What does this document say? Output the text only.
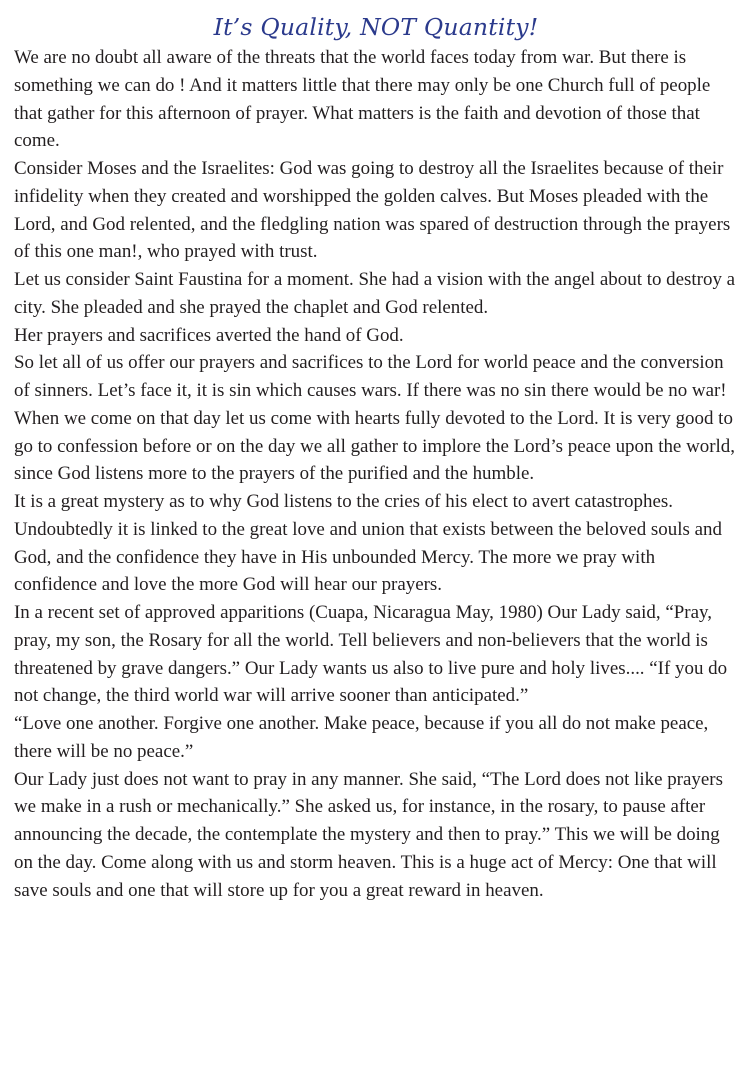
It’s Quality, NOT Quantity!

We are no doubt all aware of the threats that the world faces today from war. But there is something we can do ! And it matters little that there may only be one Church full of people that gather for this afternoon of prayer. What matters is the faith and devotion of those that come.

Consider Moses and the Israelites: God was going to destroy all the Israelites because of their infidelity when they created and worshipped the golden calves. But Moses pleaded with the Lord, and God relented, and the fledgling nation was spared of destruction through the prayers of this one man!, who prayed with trust.

Let us consider Saint Faustina for a moment. She had a vision with the angel about to destroy a city. She pleaded and she prayed the chaplet and God relented.

Her prayers and sacrifices averted the hand of God.

So let all of us offer our prayers and sacrifices to the Lord for world peace and the conversion of sinners. Let’s face it, it is sin which causes wars. If there was no sin there would be no war!

When we come on that day let us come with hearts fully devoted to the Lord. It is very good to go to confession before or on the day we all gather to implore the Lord’s peace upon the world, since God listens more to the prayers of the purified and the humble.

It is a great mystery as to why God listens to the cries of his elect to avert catastrophes. Undoubtedly it is linked to the great love and union that exists between the beloved souls and God, and the confidence they have in His unbounded Mercy. The more we pray with confidence and love the more God will hear our prayers.

In a recent set of approved apparitions (Cuapa, Nicaragua May, 1980) Our Lady said, “Pray, pray, my son, the Rosary for all the world. Tell believers and non-believers that the world is threatened by grave dangers.” Our Lady wants us also to live pure and holy lives.... “If you do not change, the third world war will arrive sooner than anticipated.”

“Love one another. Forgive one another. Make peace, because if you all do not make peace, there will be no peace.”

Our Lady just does not want to pray in any manner. She said, “The Lord does not like prayers we make in a rush or mechanically.” She asked us, for instance, in the rosary, to pause after announcing the decade, the contemplate the mystery and then to pray.” This we will be doing on the day. Come along with us and storm heaven. This is a huge act of Mercy: One that will save souls and one that will store up for you a great reward in heaven.
